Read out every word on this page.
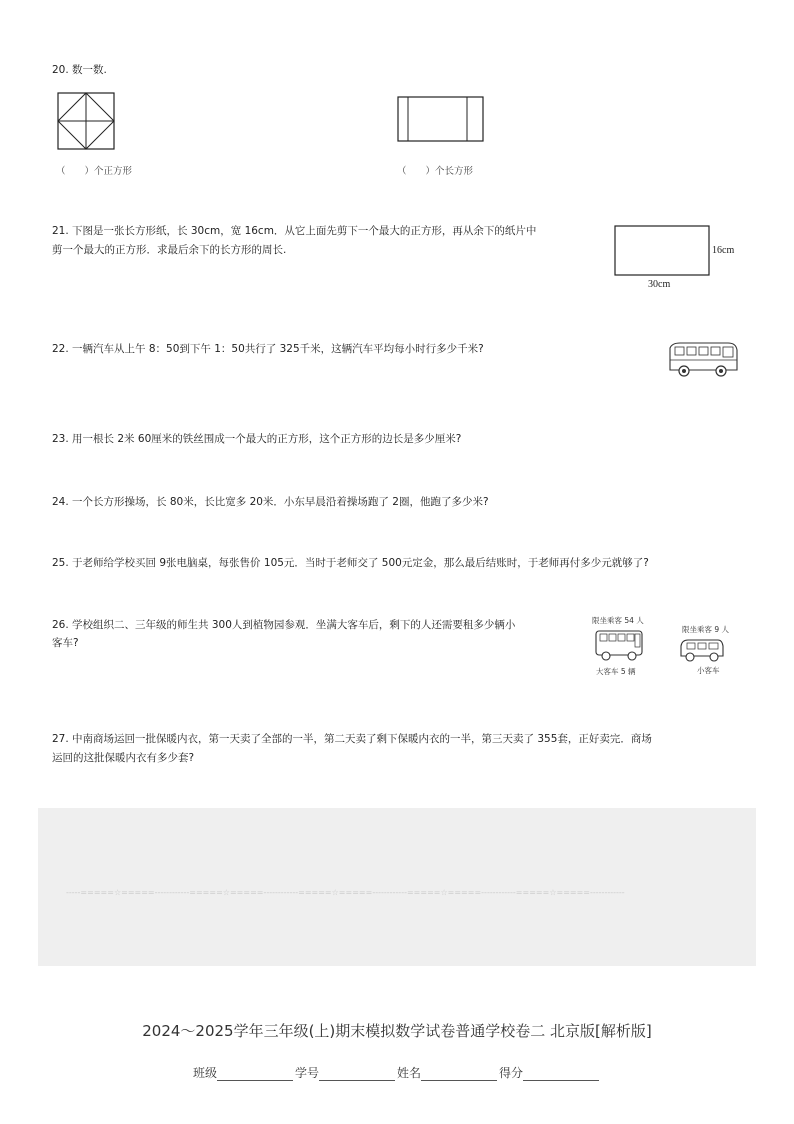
20. 数一数.
（　　）个正方形	（　　）个长方形
21. 下图是一张长方形纸，长 30cm，宽 16cm．从它上面先剪下一个最大的正方形，再从余下的纸片中
剪一个最大的正方形．求最后余下的长方形的周长.	16cm
30cm
22. 一辆汽车从上午 8：50到下午 1：50共行了 325千米，这辆汽车平均每小时行多少千米?
23. 用一根长 2米 60厘米的铁丝围成一个最大的正方形，这个正方形的边长是多少厘米?
24. 一个长方形操场，长 80米，长比宽多 20米．小东早晨沿着操场跑了 2圈，他跑了多少米?
25. 于老师给学校买回 9张电脑桌，每张售价 105元．当时于老师交了 500元定金，那么最后结账时，于老师再付多少元就够了?
26. 学校组织二、三年级的师生共 300人到植物园参观．坐满大客车后，剩下的人还需要租多少辆小
客车?
限坐乘客 54 人
大客车 5 辆
限坐乘客 9 人
小客车
27. 中南商场运回一批保暖内衣，第一天卖了全部的一半，第二天卖了剩下保暖内衣的一半，第三天卖了 355套，正好卖完．商场
运回的这批保暖内衣有多少套?
-----=====☆=====------------=====☆=====------------=====☆=====------------=====☆=====------------=====☆=====------------
2024～2025学年三年级(上)期末模拟数学试卷普通学校卷二 北京版[解析版]
班级	学号	姓名	得分
